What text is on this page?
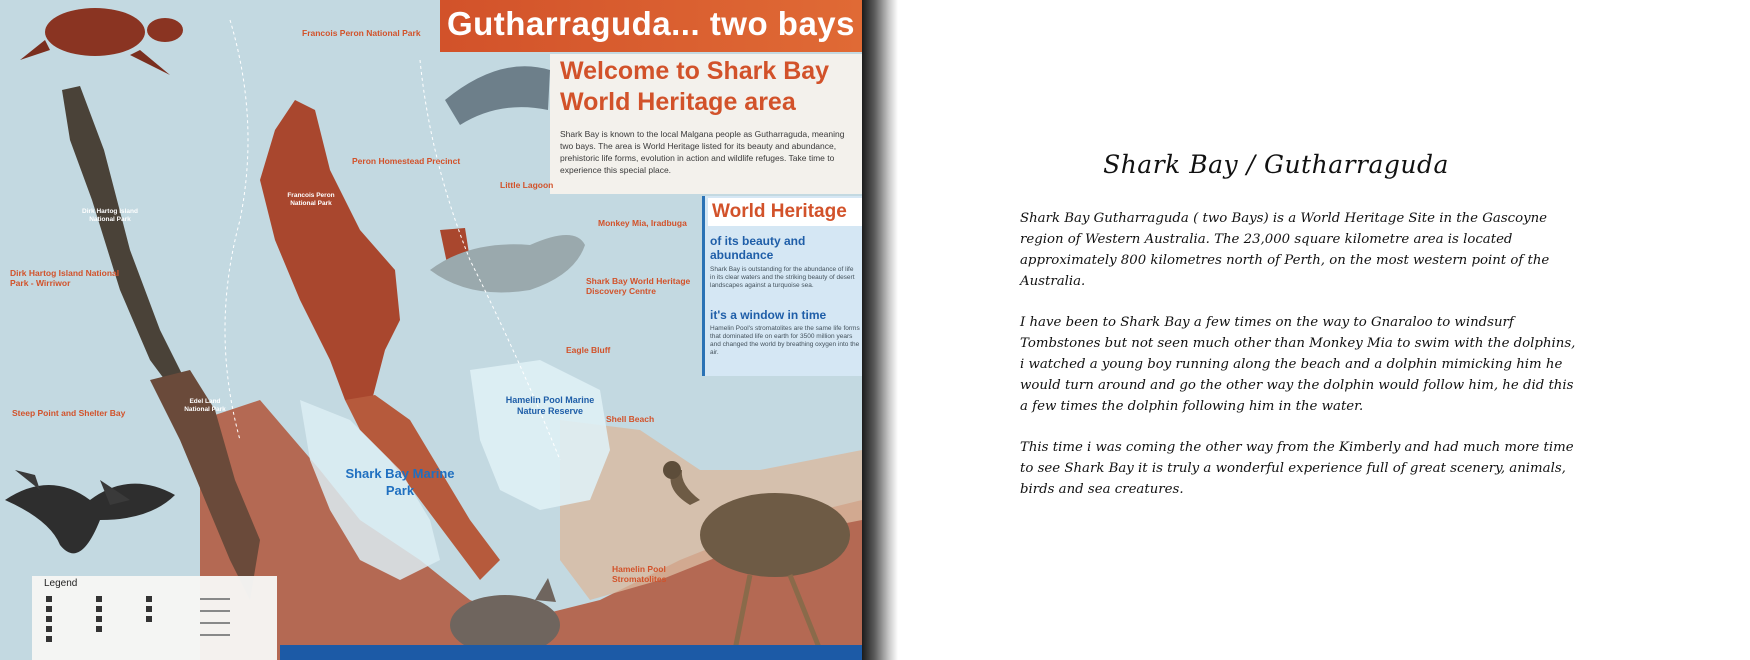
Gutharraguda... two bays
Welcome to Shark Bay
World Heritage area
Shark Bay is known to the local Malgana people as Gutharraguda, meaning two bays. The area is World Heritage listed for its beauty and abundance, prehistoric life forms, evolution in action and wildlife refuges. Take time to experience this special place.
World Heritage
of its beauty and abundance
Shark Bay is outstanding for the abundance of life in its clear waters and the striking beauty of desert landscapes against a turquoise sea.
it's a window in time
Hamelin Pool's stromatolites are the same life forms that dominated life on earth for 3500 million years and changed the world by breathing oxygen into the air.
Shark Bay Marine Park
Hamelin Pool Marine Nature Reserve
Francois Peron National Park
Dirk Hartog Island National Park
Edel Land National Park
Francois Peron National Park
Peron Homestead Precinct
Little Lagoon
Monkey Mia, Iradbuga
Shark Bay World Heritage Discovery Centre
Eagle Bluff
Shell Beach
Dirk Hartog Island National Park - Wirriwor
Steep Point and Shelter Bay
Hamelin Pool Stromatolites
Legend
Shark Bay / Gutharraguda
Shark Bay Gutharraguda ( two Bays) is a World Heritage Site in the Gascoyne
region of Western Australia. The 23,000 square kilometre area is located
approximately 800 kilometres north of Perth, on the most western point of the
Australia.
I have been to Shark Bay a few times on the way to Gnaraloo to windsurf
Tombstones but not seen much other than Monkey Mia to swim with the dolphins,
i watched a young boy running along the beach and a dolphin mimicking him he
would turn around and go the other way the dolphin would follow him, he did this
a few times the dolphin following him in the water.
This time i was coming the other way from the Kimberly and had much more time
to see Shark Bay it is truly a wonderful experience full of great scenery, animals,
birds and sea creatures.
